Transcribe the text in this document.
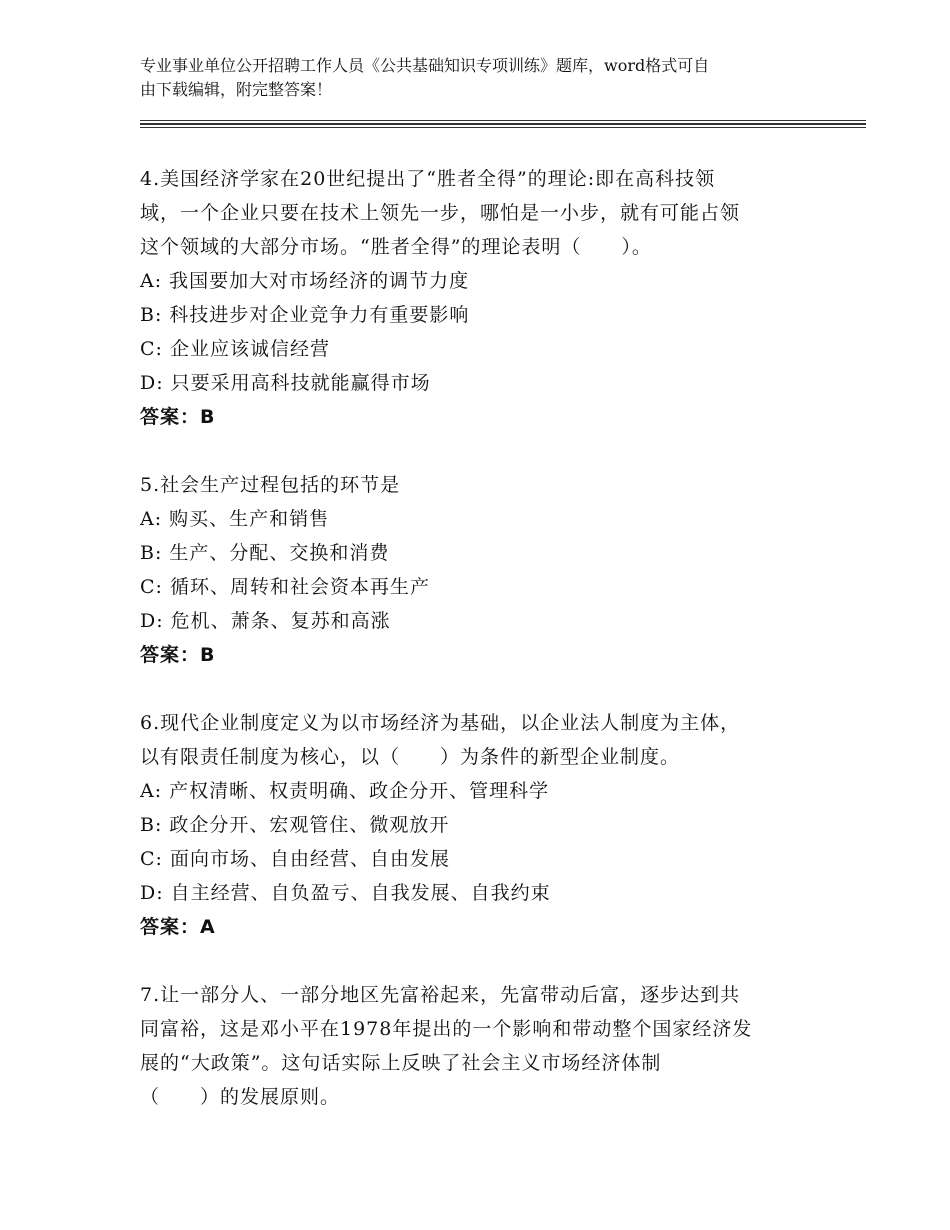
专业事业单位公开招聘工作人员《公共基础知识专项训练》题库，word格式可自
由下载编辑，附完整答案！
4.美国经济学家在20世纪提出了“胜者全得”的理论:即在高科技领
域，一个企业只要在技术上领先一步，哪怕是一小步，就有可能占领
这个领域的大部分市场。“胜者全得”的理论表明（　　）。
A: 我国要加大对市场经济的调节力度
B: 科技进步对企业竞争力有重要影响
C: 企业应该诚信经营
D: 只要采用高科技就能赢得市场
答案：B
5.社会生产过程包括的环节是
A: 购买、生产和销售
B: 生产、分配、交换和消费
C: 循环、周转和社会资本再生产
D: 危机、萧条、复苏和高涨
答案：B
6.现代企业制度定义为以市场经济为基础，以企业法人制度为主体，
以有限责任制度为核心，以（　　）为条件的新型企业制度。
A: 产权清晰、权责明确、政企分开、管理科学
B: 政企分开、宏观管住、微观放开
C: 面向市场、自由经营、自由发展
D: 自主经营、自负盈亏、自我发展、自我约束
答案：A
7.让一部分人、一部分地区先富裕起来，先富带动后富，逐步达到共
同富裕，这是邓小平在1978年提出的一个影响和带动整个国家经济发
展的“大政策”。这句话实际上反映了社会主义市场经济体制
（　　）的发展原则。
